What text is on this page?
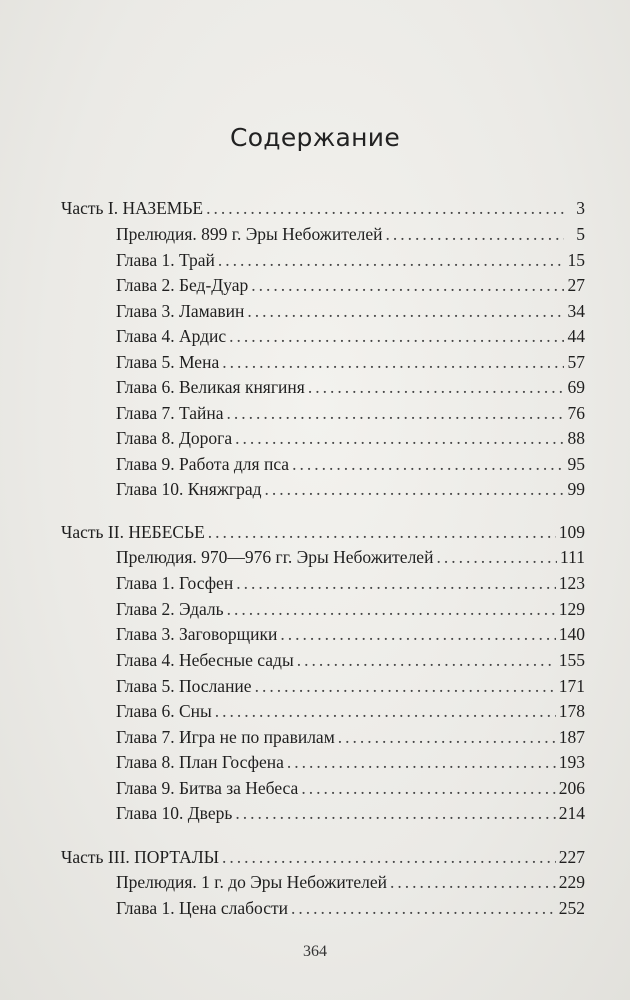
Содержание
Часть I. НАЗЕМЬЕ .....	3
Прелюдия. 899 г. Эры Небожителей .....	5
Глава 1. Трай .....	15
Глава 2. Бед-Дуар .....	27
Глава 3. Ламавин .....	34
Глава 4. Ардис .....	44
Глава 5. Мена .....	57
Глава 6. Великая княгиня .....	69
Глава 7. Тайна .....	76
Глава 8. Дорога .....	88
Глава 9. Работа для пса .....	95
Глава 10. Княжград .....	99
Часть II. НЕБЕСЬЕ .....	109
Прелюдия. 970—976 гг. Эры Небожителей .....	111
Глава 1. Госфен .....	123
Глава 2. Эдаль .....	129
Глава 3. Заговорщики .....	140
Глава 4. Небесные сады .....	155
Глава 5. Послание .....	171
Глава 6. Сны .....	178
Глава 7. Игра не по правилам .....	187
Глава 8. План Госфена .....	193
Глава 9. Битва за Небеса .....	206
Глава 10. Дверь .....	214
Часть III. ПОРТАЛЫ .....	227
Прелюдия. 1 г. до Эры Небожителей .....	229
Глава 1. Цена слабости .....	252
364
